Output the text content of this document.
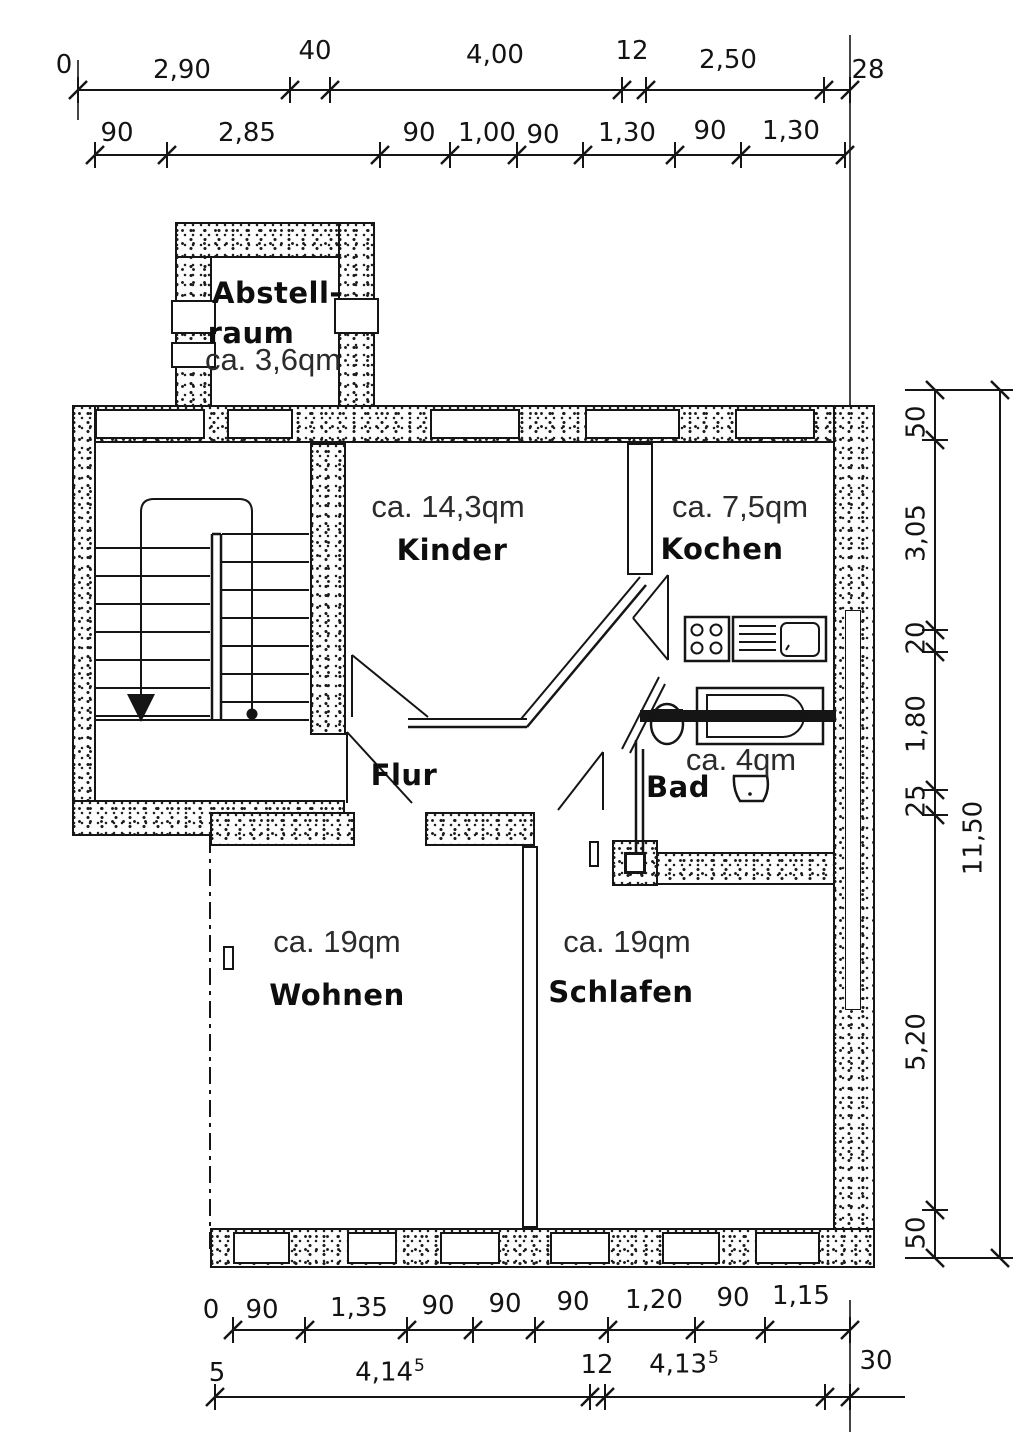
0	2,90
40	4,00	12 2,50	28
90	2,85	90 1,00 90 1,30 90 1,30
50
3,05
20
1,80
25
5,20
50
11,50
0 90 1,35 90 90 90 1,20 90 1,15
5	4,14$^5$	12 4,13$^5$	30
Abstell-
raum
ca. 3,6qm
ca. 14,3qm
Kinder
ca. 7,5qm
Kochen
Flur	ca. 4qm
Bad
ca. 19qm
Wohnen
ca. 19qm
Schlafen
